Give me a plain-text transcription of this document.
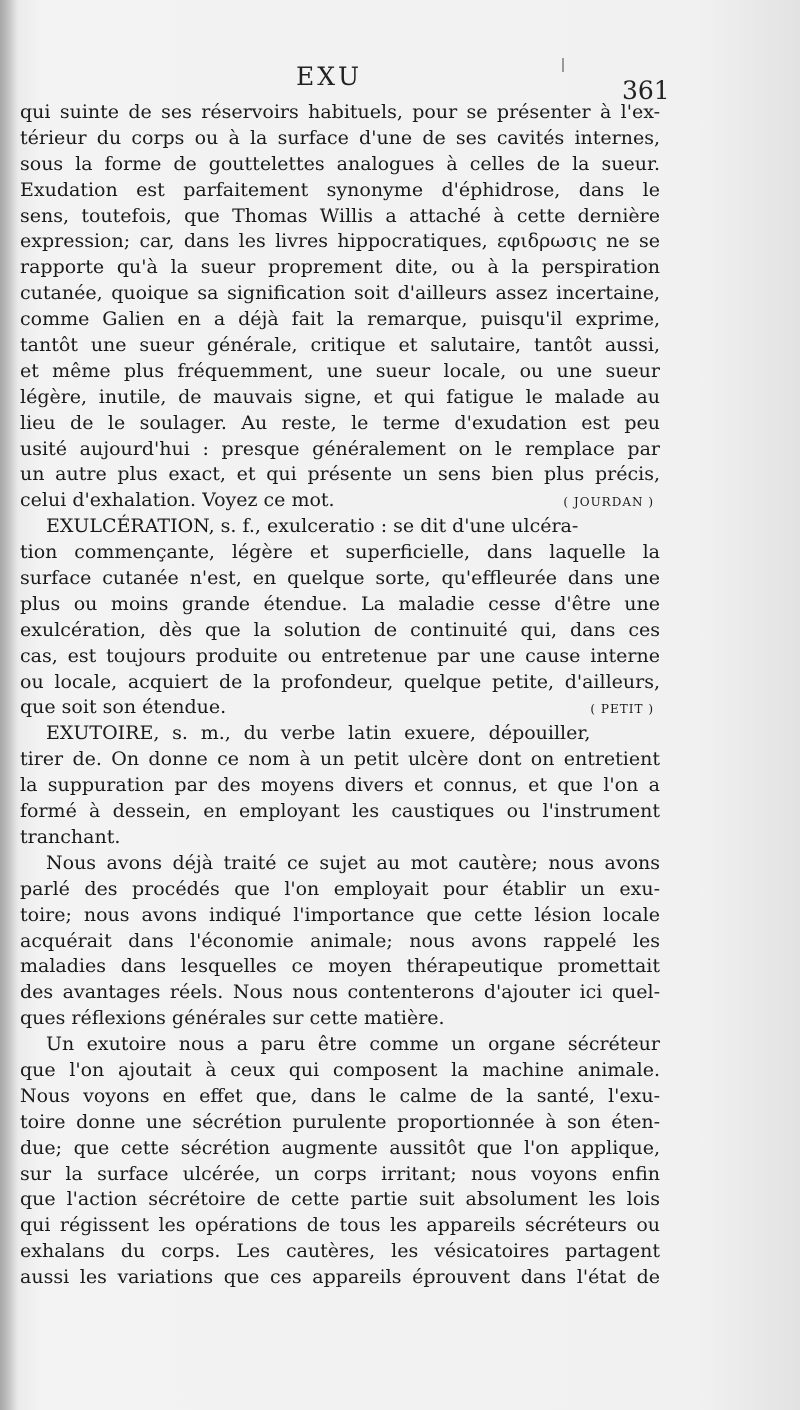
EXU	361
qui suinte de ses réservoirs habituels, pour se présenter à l'ex-
térieur du corps ou à la surface d'une de ses cavités internes,
sous la forme de gouttelettes analogues à celles de la sueur.
Exudation est parfaitement synonyme d'éphidrose, dans le
sens, toutefois, que Thomas Willis a attaché à cette dernière
expression; car, dans les livres hippocratiques, εφιδρωσις ne se
rapporte qu'à la sueur proprement dite, ou à la perspiration
cutanée, quoique sa signification soit d'ailleurs assez incertaine,
comme Galien en a déjà fait la remarque, puisqu'il exprime,
tantôt une sueur générale, critique et salutaire, tantôt aussi,
et même plus fréquemment, une sueur locale, ou une sueur
légère, inutile, de mauvais signe, et qui fatigue le malade au
lieu de le soulager. Au reste, le terme d'exudation est peu
usité aujourd'hui : presque généralement on le remplace par
un autre plus exact, et qui présente un sens bien plus précis,
celui d'exhalation. Voyez ce mot.	( JOURDAN )
EXULCÉRATION, s. f., exulceratio : se dit d'une ulcéra-
tion commençante, légère et superficielle, dans laquelle la
surface cutanée n'est, en quelque sorte, qu'effleurée dans une
plus ou moins grande étendue. La maladie cesse d'être une
exulcération, dès que la solution de continuité qui, dans ces
cas, est toujours produite ou entretenue par une cause interne
ou locale, acquiert de la profondeur, quelque petite, d'ailleurs,
que soit son étendue.	( PETIT )
EXUTOIRE, s. m., du verbe latin exuere, dépouiller,
tirer de. On donne ce nom à un petit ulcère dont on entretient
la suppuration par des moyens divers et connus, et que l'on a
formé à dessein, en employant les caustiques ou l'instrument
tranchant.
Nous avons déjà traité ce sujet au mot cautère; nous avons
parlé des procédés que l'on employait pour établir un exu-
toire; nous avons indiqué l'importance que cette lésion locale
acquérait dans l'économie animale; nous avons rappelé les
maladies dans lesquelles ce moyen thérapeutique promettait
des avantages réels. Nous nous contenterons d'ajouter ici quel-
ques réflexions générales sur cette matière.
Un exutoire nous a paru être comme un organe sécréteur
que l'on ajoutait à ceux qui composent la machine animale.
Nous voyons en effet que, dans le calme de la santé, l'exu-
toire donne une sécrétion purulente proportionnée à son éten-
due; que cette sécrétion augmente aussitôt que l'on applique,
sur la surface ulcérée, un corps irritant; nous voyons enfin
que l'action sécrétoire de cette partie suit absolument les lois
qui régissent les opérations de tous les appareils sécréteurs ou
exhalans du corps. Les cautères, les vésicatoires partagent
aussi les variations que ces appareils éprouvent dans l'état de
